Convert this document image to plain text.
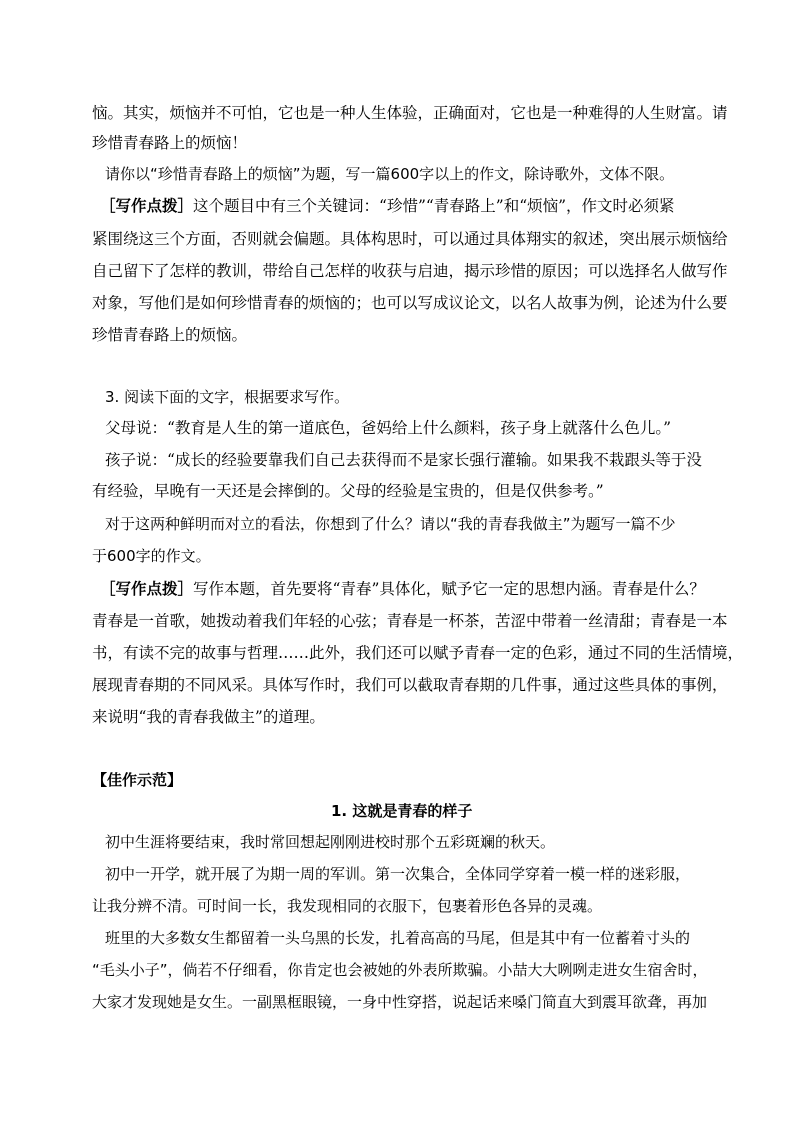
恼。其实，烦恼并不可怕，它也是一种人生体验，正确面对，它也是一种难得的人生财富。请
珍惜青春路上的烦恼！
请你以“珍惜青春路上的烦恼”为题，写一篇600字以上的作文，除诗歌外，文体不限。
［写作点拨］这个题目中有三个关键词：“珍惜”“青春路上”和“烦恼”，作文时必须紧
紧围绕这三个方面，否则就会偏题。具体构思时，可以通过具体翔实的叙述，突出展示烦恼给
自己留下了怎样的教训，带给自己怎样的收获与启迪，揭示珍惜的原因；可以选择名人做写作
对象，写他们是如何珍惜青春的烦恼的；也可以写成议论文，以名人故事为例，论述为什么要
珍惜青春路上的烦恼。
3. 阅读下面的文字，根据要求写作。
父母说：“教育是人生的第一道底色，爸妈给上什么颜料，孩子身上就落什么色儿。”
孩子说：“成长的经验要靠我们自己去获得而不是家长强行灌输。如果我不栽跟头等于没
有经验，早晚有一天还是会摔倒的。父母的经验是宝贵的，但是仅供参考。”
对于这两种鲜明而对立的看法，你想到了什么？请以“我的青春我做主”为题写一篇不少
于600字的作文。
［写作点拨］写作本题，首先要将“青春”具体化，赋予它一定的思想内涵。青春是什么？
青春是一首歌，她拨动着我们年轻的心弦；青春是一杯茶，苦涩中带着一丝清甜；青春是一本
书，有读不完的故事与哲理……此外，我们还可以赋予青春一定的色彩，通过不同的生活情境，
展现青春期的不同风采。具体写作时，我们可以截取青春期的几件事，通过这些具体的事例，
来说明“我的青春我做主”的道理。
【佳作示范】
1. 这就是青春的样子
初中生涯将要结束，我时常回想起刚刚进校时那个五彩斑斓的秋天。
初中一开学，就开展了为期一周的军训。第一次集合，全体同学穿着一模一样的迷彩服，
让我分辨不清。可时间一长，我发现相同的衣服下，包裹着形色各异的灵魂。
班里的大多数女生都留着一头乌黑的长发，扎着高高的马尾，但是其中有一位蓄着寸头的
“毛头小子”，倘若不仔细看，你肯定也会被她的外表所欺骗。小喆大大咧咧走进女生宿舍时，
大家才发现她是女生。一副黑框眼镜，一身中性穿搭，说起话来嗓门简直大到震耳欲聋，再加
